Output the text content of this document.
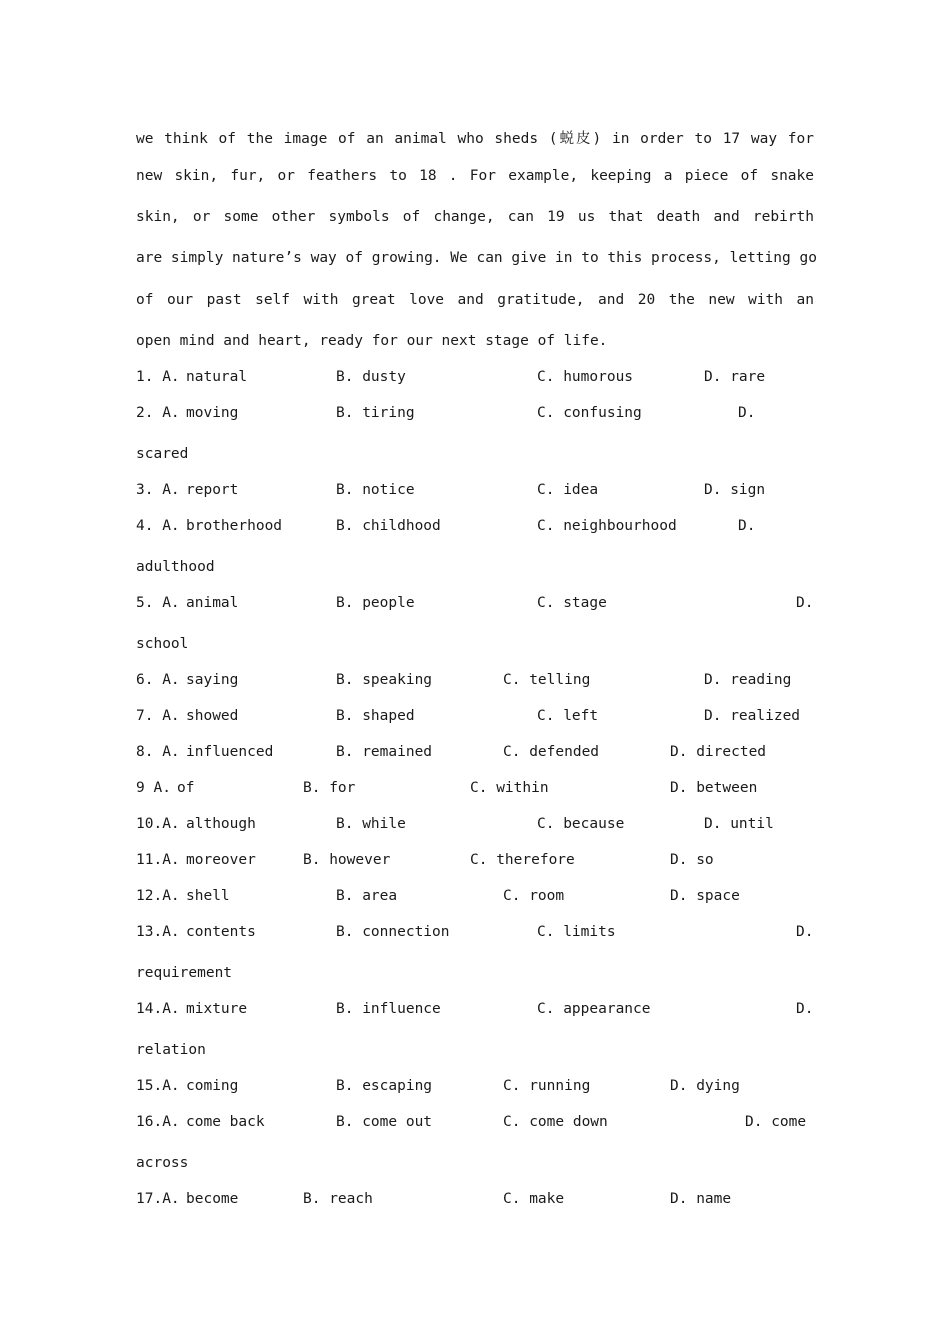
we think of the image of an animal who sheds (蜕皮) in order to 17 way for
new skin, fur, or feathers to 18 . For example, keeping a piece of snake
skin, or some other symbols of change, can 19 us that death and rebirth
are simply nature’s way of growing. We can give in to this process, letting go
of our past self with great love and gratitude, and 20 the new with an
open mind and heart, ready for our next stage of life.
1. A. natural	B. dusty	C. humorous	D. rare
2. A. moving	B. tiring	C. confusing	D.
scared
3. A. report	B. notice	C. idea	D. sign
4. A. brotherhood	B. childhood	C. neighbourhood	D.
adulthood
5. A. animal	B. people	C. stage	D.
school
6. A. saying	B. speaking	C. telling	D. reading
7. A. showed	B. shaped	C. left	D. realized
8. A. influenced	B. remained	C. defended	D. directed
9 A. of	B. for	C. within	D. between
10.A. although	B. while	C. because	D. until
11.A. moreover	B. however	C. therefore	D. so
12.A. shell	B. area	C. room	D. space
13.A. contents	B. connection	C. limits	D.
requirement
14.A. mixture	B. influence	C. appearance	D.
relation
15.A. coming	B. escaping	C. running	D. dying
16.A. come back	B. come out	C. come down	D. come
across
17.A. become	B. reach	C. make	D. name
